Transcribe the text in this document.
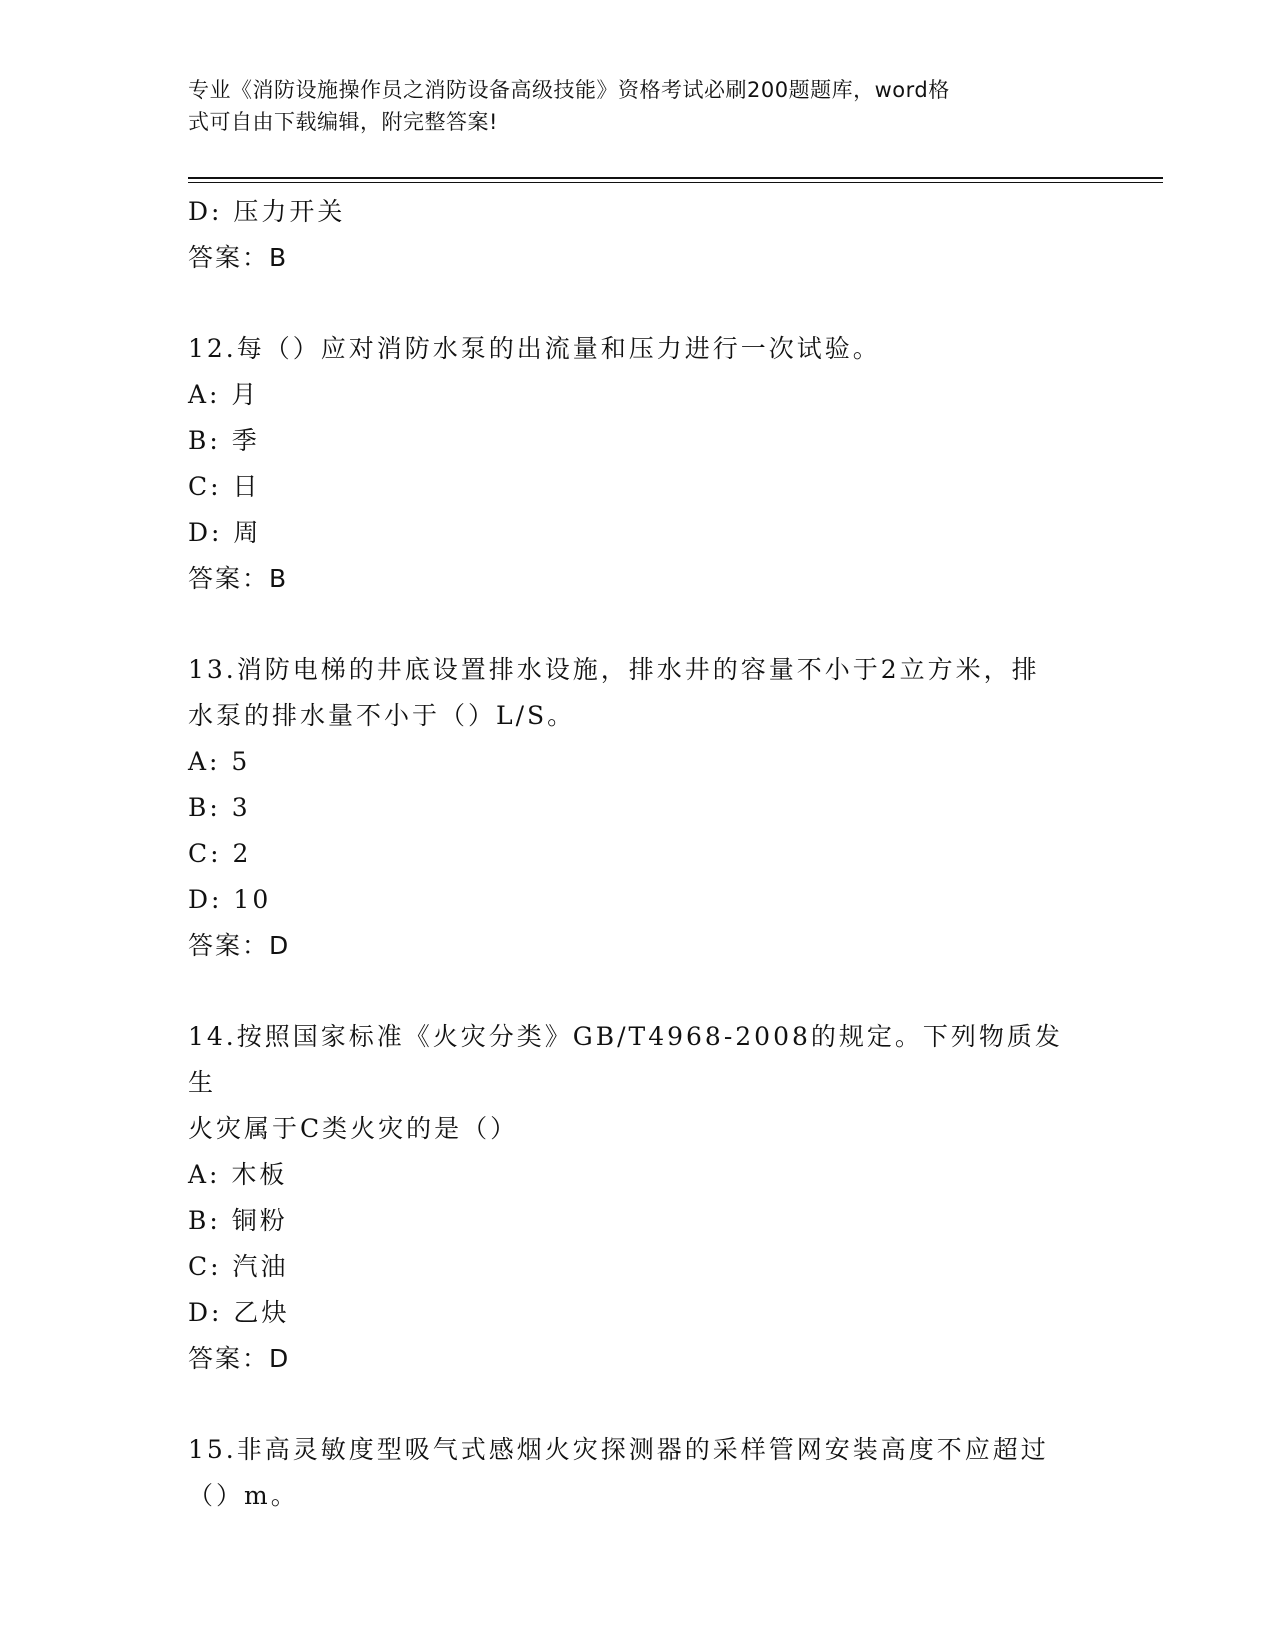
专业《消防设施操作员之消防设备高级技能》资格考试必刷200题题库，word格
式可自由下载编辑，附完整答案!
D: 压力开关
答案：B
12.每（）应对消防水泵的出流量和压力进行一次试验。
A: 月
B: 季
C: 日
D: 周
答案：B
13.消防电梯的井底设置排水设施，排水井的容量不小于2立方米，排
水泵的排水量不小于（）L/S。
A: 5
B: 3
C: 2
D: 10
答案：D
14.按照国家标准《火灾分类》GB/T4968-2008的规定。下列物质发生
火灾属于C类火灾的是（）
A: 木板
B: 铜粉
C: 汽油
D: 乙炔
答案：D
15.非高灵敏度型吸气式感烟火灾探测器的采样管网安装高度不应超过
（）m。
